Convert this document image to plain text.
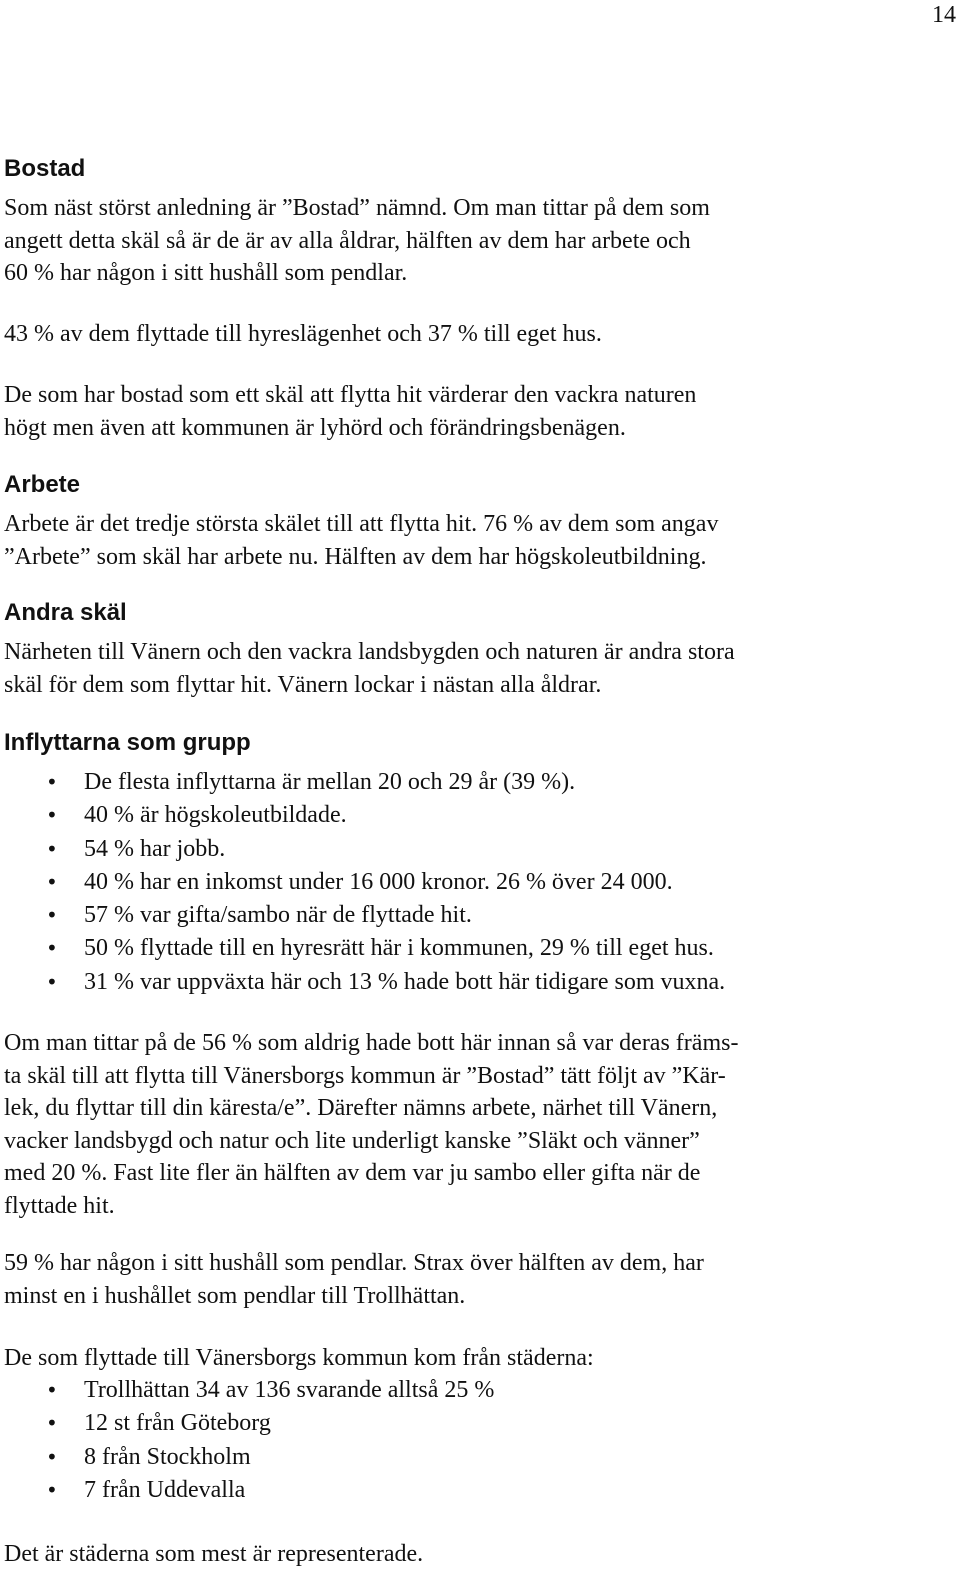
14
Bostad

Som näst störst anledning är ”Bostad” nämnd. Om man tittar på dem som

angett detta skäl så är de är av alla åldrar, hälften av dem har arbete och

60 % har någon i sitt hushåll som pendlar.

43 % av dem flyttade till hyreslägenhet och 37 % till eget hus.

De som har bostad som ett skäl att flytta hit värderar den vackra naturen

högt men även att kommunen är lyhörd och förändringsbenägen.

Arbete

Arbete är det tredje största skälet till att flytta hit. 76 % av dem som angav

”Arbete” som skäl har arbete nu. Hälften av dem har högskoleutbildning.

Andra skäl

Närheten till Vänern och den vackra landsbygden och naturen är andra stora

skäl för dem som flyttar hit. Vänern lockar i nästan alla åldrar.

Inflyttarna som grupp
• De flesta inflyttarna är mellan 20 och 29 år (39 %).
• 40 % är högskoleutbildade.
• 54 % har jobb.
• 40 % har en inkomst under 16 000 kronor. 26 % över 24 000.
• 57 % var gifta/sambo när de flyttade hit.
• 50 % flyttade till en hyresrätt här i kommunen, 29 % till eget hus.
• 31 % var uppväxta här och 13 % hade bott här tidigare som vuxna.

Om man tittar på de 56 % som aldrig hade bott här innan så var deras främs-

ta skäl till att flytta till Vänersborgs kommun är ”Bostad” tätt följt av ”Kär-

lek, du flyttar till din käresta/e”. Därefter nämns arbete, närhet till Vänern,

vacker landsbygd och natur och lite underligt kanske ”Släkt och vänner”

med 20 %. Fast lite fler än hälften av dem var ju sambo eller gifta när de

flyttade hit.

59 % har någon i sitt hushåll som pendlar. Strax över hälften av dem, har

minst en i hushållet som pendlar till Trollhättan.

De som flyttade till Vänersborgs kommun kom från städerna:

• Trollhättan 34 av 136 svarande alltså 25 %
• 12 st från Göteborg
• 8 från Stockholm
• 7 från Uddevalla

Det är städerna som mest är representerade.
